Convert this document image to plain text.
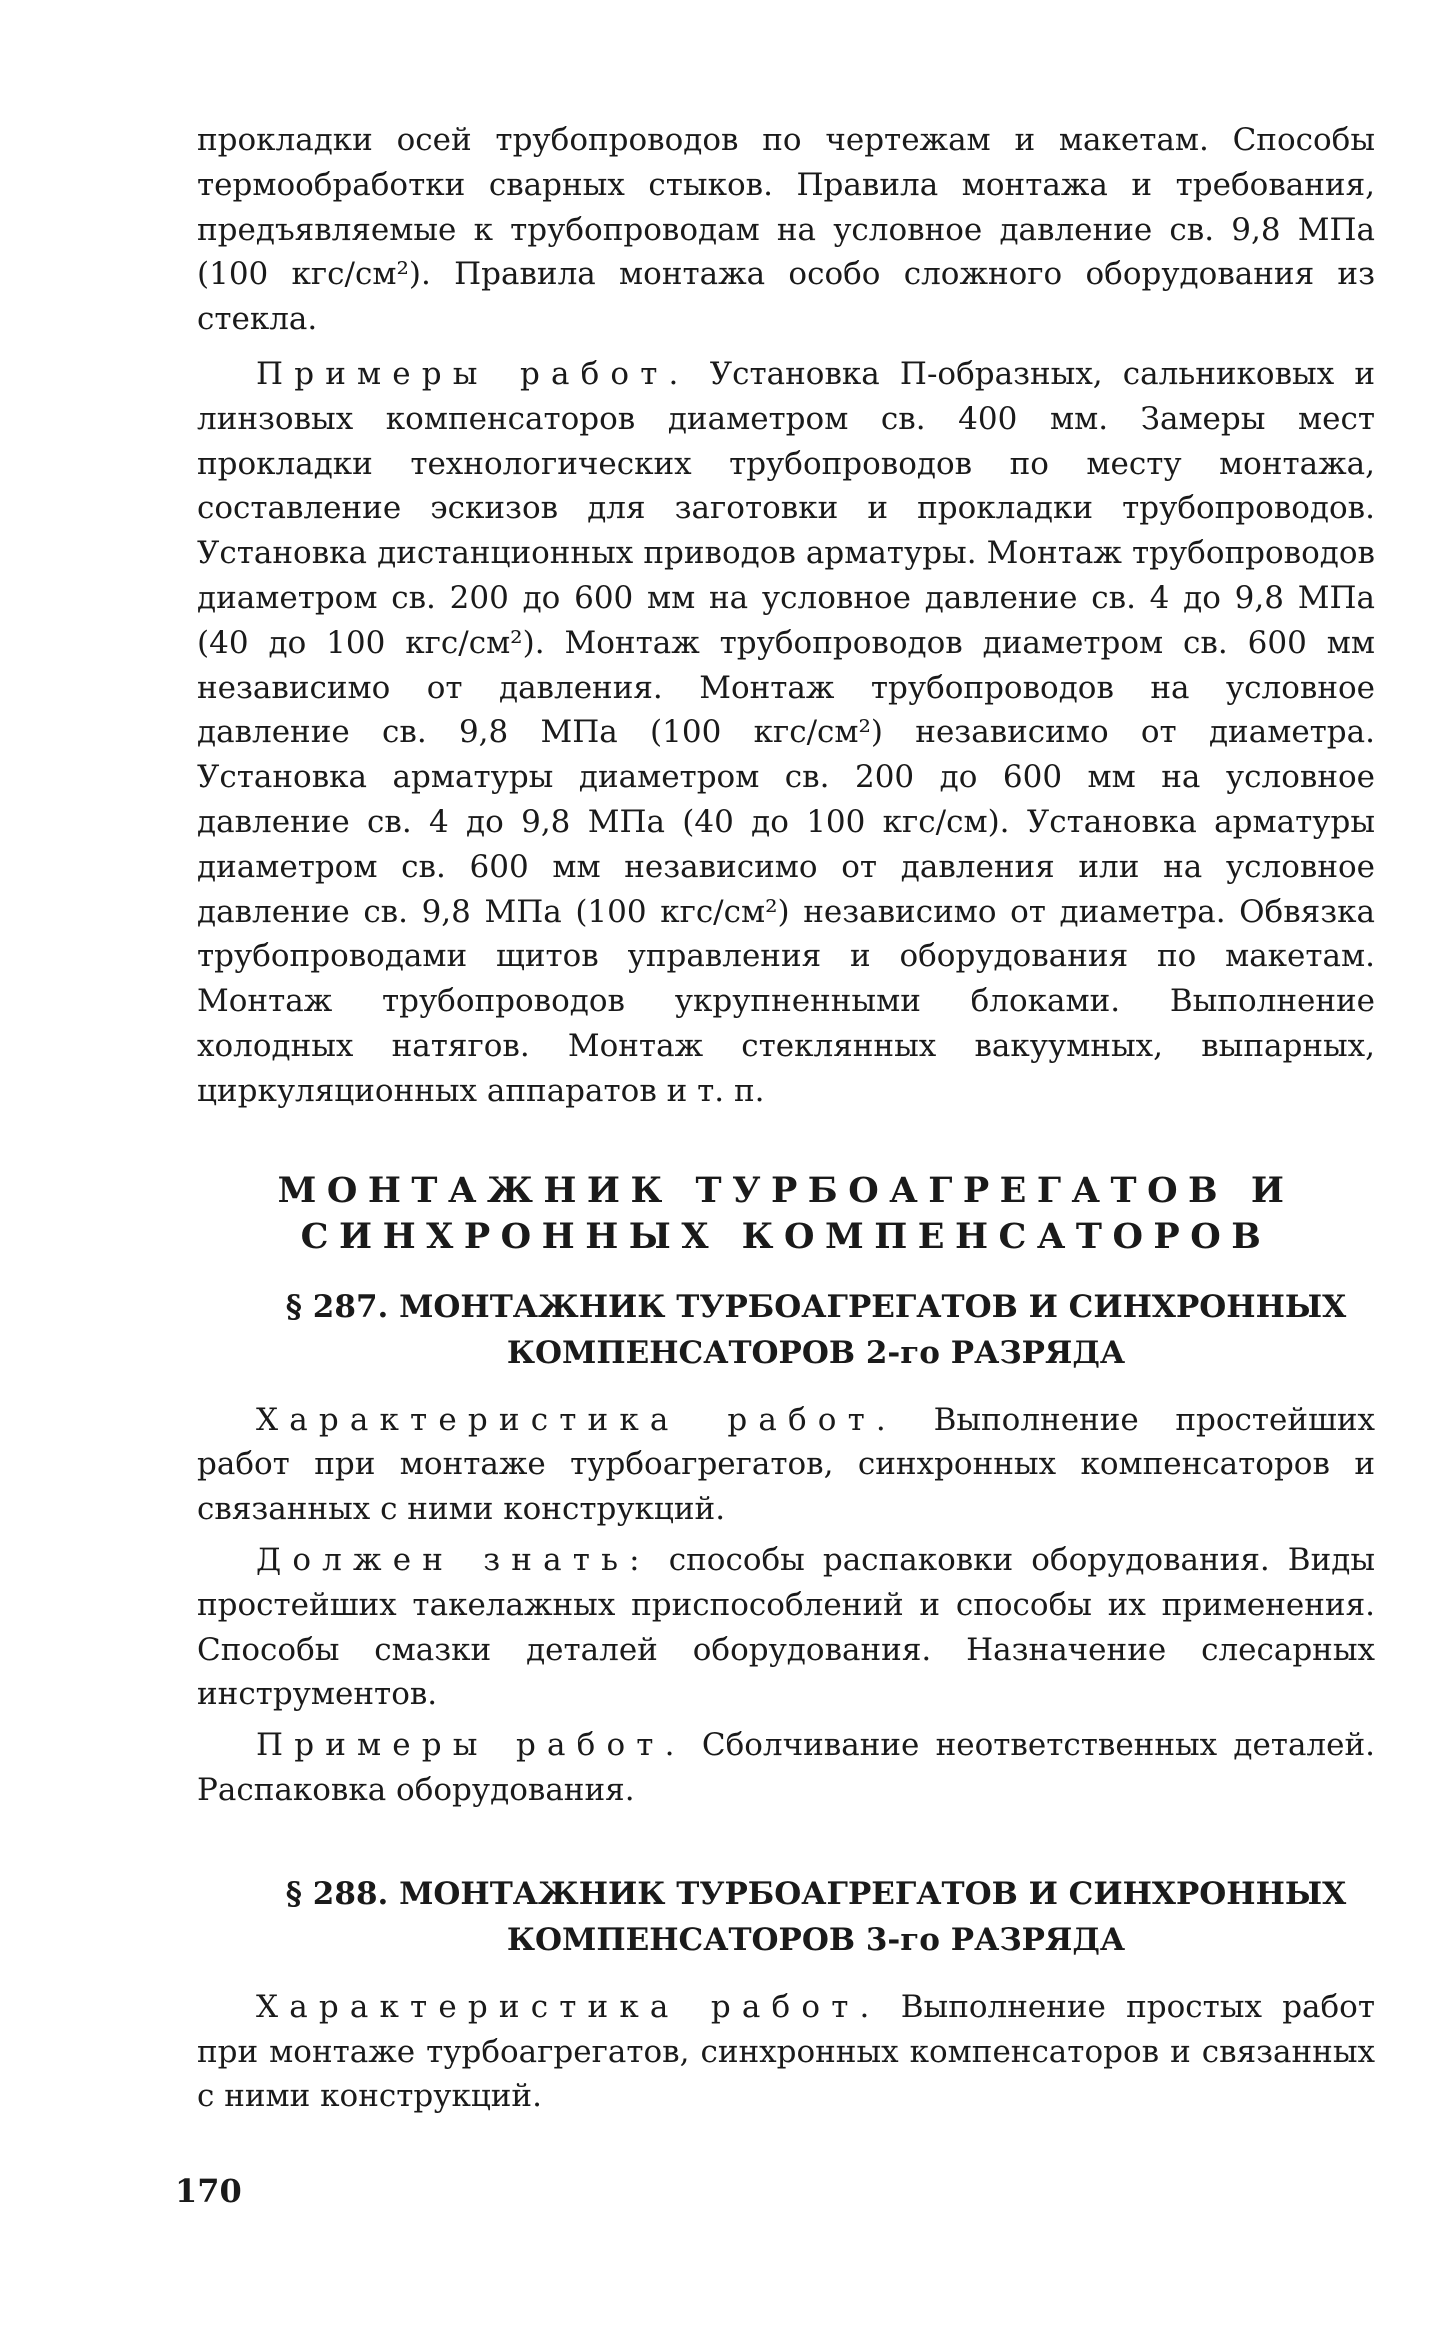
прокладки осей трубопроводов по чертежам и макетам. Способы термообработки сварных стыков. Правила монтажа и требования, предъявляемые к трубопроводам на условное давление св. 9,8 МПа (100 кгс/см²). Правила монтажа особо сложного оборудования из стекла.

Примеры работ. Установка П-образных, сальниковых и линзовых компенсаторов диаметром св. 400 мм. Замеры мест прокладки технологических трубопроводов по месту монтажа, составление эскизов для заготовки и прокладки трубопроводов. Установка дистанционных приводов арматуры. Монтаж трубопроводов диаметром св. 200 до 600 мм на условное давление св. 4 до 9,8 МПа (40 до 100 кгс/см²). Монтаж трубопроводов диаметром св. 600 мм независимо от давления. Монтаж трубопроводов на условное давление св. 9,8 МПа (100 кгс/см²) независимо от диаметра. Установка арматуры диаметром св. 200 до 600 мм на условное давление св. 4 до 9,8 МПа (40 до 100 кгс/см). Установка арматуры диаметром св. 600 мм независимо от давления или на условное давление св. 9,8 МПа (100 кгс/см²) независимо от диаметра. Обвязка трубопроводами щитов управления и оборудования по макетам. Монтаж трубопроводов укрупненными блоками. Выполнение холодных натягов. Монтаж стеклянных вакуумных, выпарных, циркуляционных аппаратов и т. п.

МОНТАЖНИК ТУРБОАГРЕГАТОВ И
СИНХРОННЫХ КОМПЕНСАТОРОВ
§ 287. МОНТАЖНИК ТУРБОАГРЕГАТОВ И СИНХРОННЫХ
КОМПЕНСАТОРОВ 2-го РАЗРЯДА

Характеристика работ. Выполнение простейших работ при монтаже турбоагрегатов, синхронных компенсаторов и связанных с ними конструкций.

Должен знать: способы распаковки оборудования. Виды простейших такелажных приспособлений и способы их применения. Способы смазки деталей оборудования. Назначение слесарных инструментов.

Примеры работ. Сболчивание неответственных деталей. Распаковка оборудования.

§ 288. МОНТАЖНИК ТУРБОАГРЕГАТОВ И СИНХРОННЫХ
КОМПЕНСАТОРОВ 3-го РАЗРЯДА

Характеристика работ. Выполнение простых работ при монтаже турбоагрегатов, синхронных компенсаторов и связанных с ними конструкций.

170
